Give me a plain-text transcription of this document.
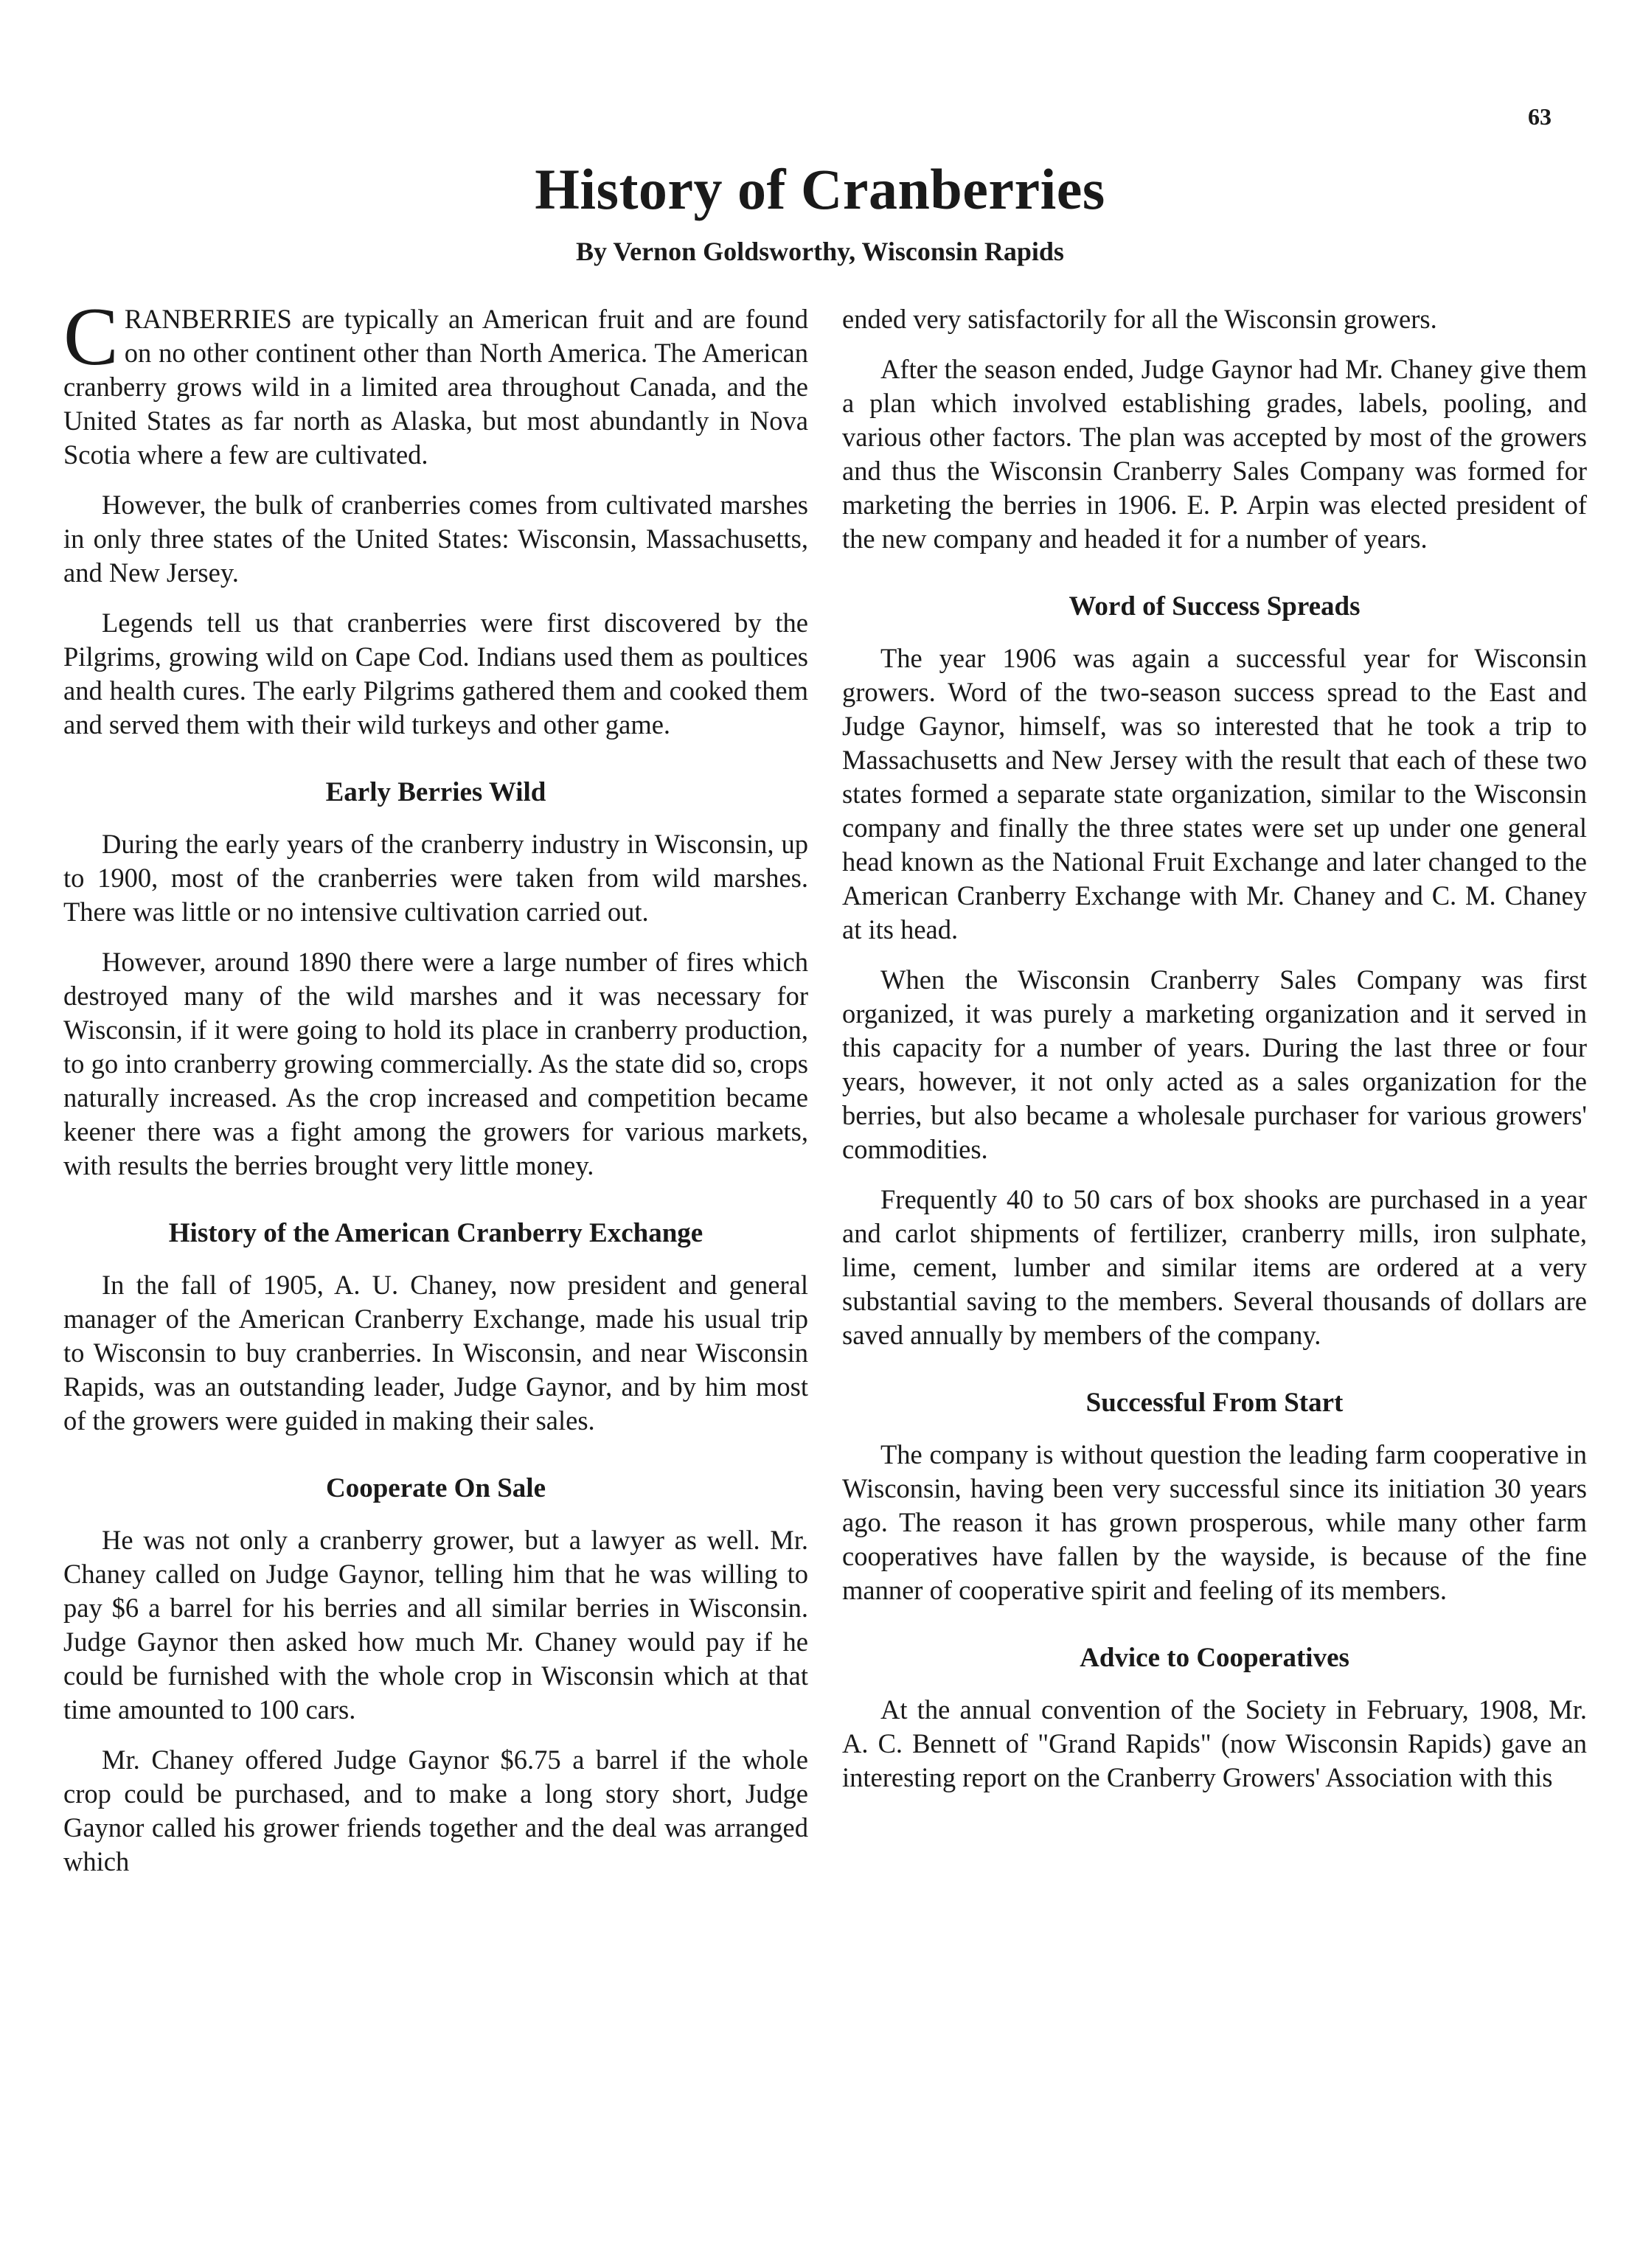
63
History of Cranberries
By Vernon Goldsworthy, Wisconsin Rapids

CRANBERRIES are typically an American fruit and are found on no other continent other than North America. The American cranberry grows wild in a limited area throughout Canada, and the United States as far north as Alaska, but most abundantly in Nova Scotia where a few are cultivated.

However, the bulk of cranberries comes from cultivated marshes in only three states of the United States: Wisconsin, Massachusetts, and New Jersey.

Legends tell us that cranberries were first discovered by the Pilgrims, growing wild on Cape Cod. Indians used them as poultices and health cures. The early Pilgrims gathered them and cooked them and served them with their wild turkeys and other game.

Early Berries Wild

During the early years of the cranberry industry in Wisconsin, up to 1900, most of the cranberries were taken from wild marshes. There was little or no intensive cultivation carried out.

However, around 1890 there were a large number of fires which destroyed many of the wild marshes and it was necessary for Wisconsin, if it were going to hold its place in cranberry production, to go into cranberry growing commercially. As the state did so, crops naturally increased. As the crop increased and competition became keener there was a fight among the growers for various markets, with results the berries brought very little money.

History of the American Cranberry Exchange

In the fall of 1905, A. U. Chaney, now president and general manager of the American Cranberry Exchange, made his usual trip to Wisconsin to buy cranberries. In Wisconsin, and near Wisconsin Rapids, was an outstanding leader, Judge Gaynor, and by him most of the growers were guided in making their sales.

Cooperate On Sale

He was not only a cranberry grower, but a lawyer as well. Mr. Chaney called on Judge Gaynor, telling him that he was willing to pay $6 a barrel for his berries and all similar berries in Wisconsin. Judge Gaynor then asked how much Mr. Chaney would pay if he could be furnished with the whole crop in Wisconsin which at that time amounted to 100 cars.

Mr. Chaney offered Judge Gaynor $6.75 a barrel if the whole crop could be purchased, and to make a long story short, Judge Gaynor called his grower friends together and the deal was arranged which

ended very satisfactorily for all the Wisconsin growers.

After the season ended, Judge Gaynor had Mr. Chaney give them a plan which involved establishing grades, labels, pooling, and various other factors. The plan was accepted by most of the growers and thus the Wisconsin Cranberry Sales Company was formed for marketing the berries in 1906. E. P. Arpin was elected president of the new company and headed it for a number of years.

Word of Success Spreads

The year 1906 was again a successful year for Wisconsin growers. Word of the two-season success spread to the East and Judge Gaynor, himself, was so interested that he took a trip to Massachusetts and New Jersey with the result that each of these two states formed a separate state organization, similar to the Wisconsin company and finally the three states were set up under one general head known as the National Fruit Exchange and later changed to the American Cranberry Exchange with Mr. Chaney and C. M. Chaney at its head.

When the Wisconsin Cranberry Sales Company was first organized, it was purely a marketing organization and it served in this capacity for a number of years. During the last three or four years, however, it not only acted as a sales organization for the berries, but also became a wholesale purchaser for various growers' commodities.

Frequently 40 to 50 cars of box shooks are purchased in a year and carlot shipments of fertilizer, cranberry mills, iron sulphate, lime, cement, lumber and similar items are ordered at a very substantial saving to the members. Several thousands of dollars are saved annually by members of the company.

Successful From Start

The company is without question the leading farm cooperative in Wisconsin, having been very successful since its initiation 30 years ago. The reason it has grown prosperous, while many other farm cooperatives have fallen by the wayside, is because of the fine manner of cooperative spirit and feeling of its members.

Advice to Cooperatives

At the annual convention of the Society in February, 1908, Mr. A. C. Bennett of "Grand Rapids" (now Wisconsin Rapids) gave an interesting report on the Cranberry Growers' Association with this
